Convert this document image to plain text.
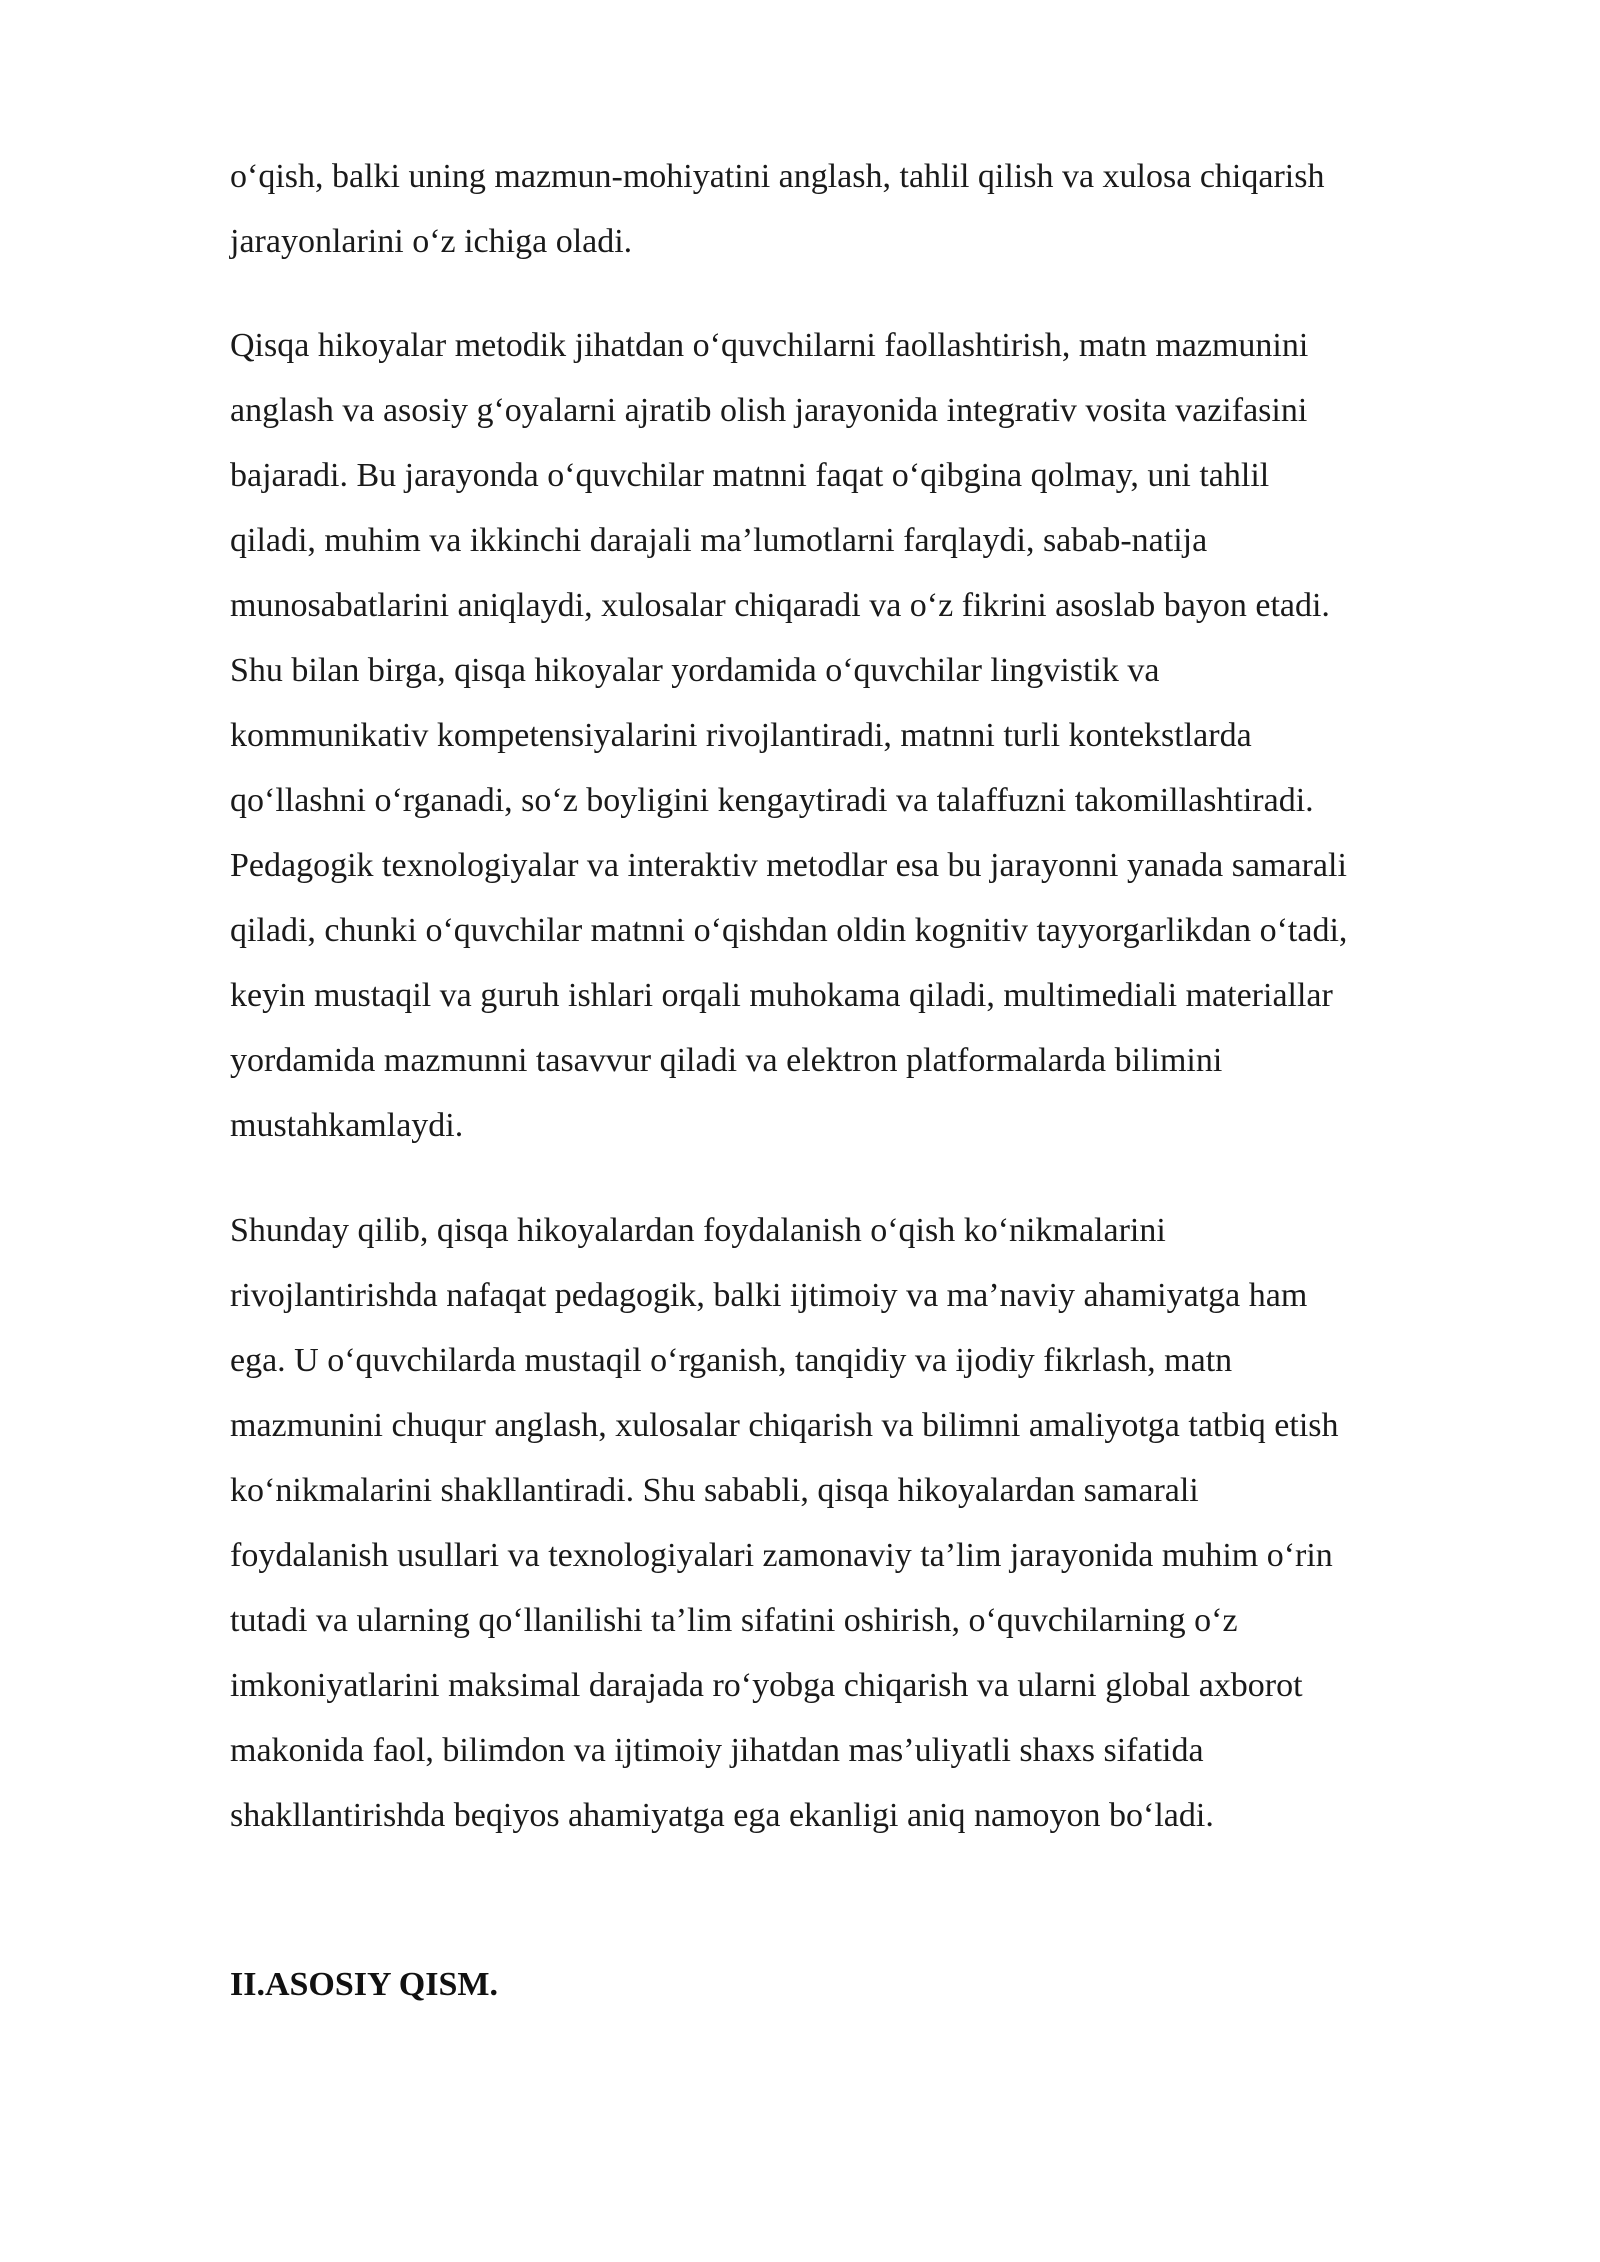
o‘qish, balki uning mazmun-mohiyatini anglash, tahlil qilish va xulosa chiqarish
jarayonlarini o‘z ichiga oladi.
Qisqa hikoyalar metodik jihatdan o‘quvchilarni faollashtirish, matn mazmunini
anglash va asosiy g‘oyalarni ajratib olish jarayonida integrativ vosita vazifasini
bajaradi. Bu jarayonda o‘quvchilar matnni faqat o‘qibgina qolmay, uni tahlil
qiladi, muhim va ikkinchi darajali ma’lumotlarni farqlaydi, sabab-natija
munosabatlarini aniqlaydi, xulosalar chiqaradi va o‘z fikrini asoslab bayon etadi.
Shu bilan birga, qisqa hikoyalar yordamida o‘quvchilar lingvistik va
kommunikativ kompetensiyalarini rivojlantiradi, matnni turli kontekstlarda
qo‘llashni o‘rganadi, so‘z boyligini kengaytiradi va talaffuzni takomillashtiradi.
Pedagogik texnologiyalar va interaktiv metodlar esa bu jarayonni yanada samarali
qiladi, chunki o‘quvchilar matnni o‘qishdan oldin kognitiv tayyorgarlikdan o‘tadi,
keyin mustaqil va guruh ishlari orqali muhokama qiladi, multimediali materiallar
yordamida mazmunni tasavvur qiladi va elektron platformalarda bilimini
mustahkamlaydi.
Shunday qilib, qisqa hikoyalardan foydalanish o‘qish ko‘nikmalarini
rivojlantirishda nafaqat pedagogik, balki ijtimoiy va ma’naviy ahamiyatga ham
ega. U o‘quvchilarda mustaqil o‘rganish, tanqidiy va ijodiy fikrlash, matn
mazmunini chuqur anglash, xulosalar chiqarish va bilimni amaliyotga tatbiq etish
ko‘nikmalarini shakllantiradi. Shu sababli, qisqa hikoyalardan samarali
foydalanish usullari va texnologiyalari zamonaviy ta’lim jarayonida muhim o‘rin
tutadi va ularning qo‘llanilishi ta’lim sifatini oshirish, o‘quvchilarning o‘z
imkoniyatlarini maksimal darajada ro‘yobga chiqarish va ularni global axborot
makonida faol, bilimdon va ijtimoiy jihatdan mas’uliyatli shaxs sifatida
shakllantirishda beqiyos ahamiyatga ega ekanligi aniq namoyon bo‘ladi.
II.ASOSIY QISM.
